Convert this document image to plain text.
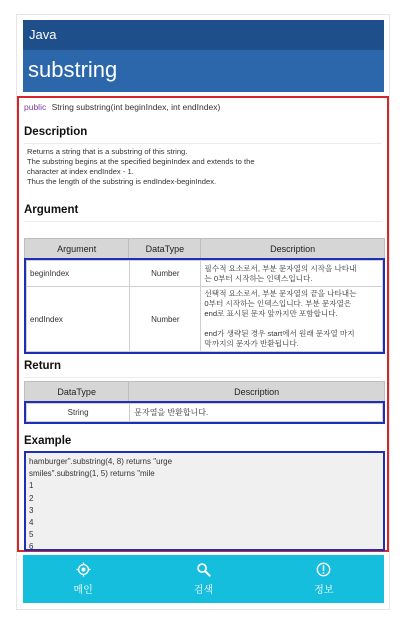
Java
substring
public String substring(int beginIndex, int endIndex)
Description
Returns a string that is a substring of this string.
The substring begins at the specified beginIndex and extends to the
character at index endIndex - 1.
Thus the length of the substring is endIndex-beginIndex.
Argument
Argument	DataType	Description
beginIndex	Number	필수적 요소로서, 부분 문자열의 시작을 나타내
는 0부터 시작하는 인덱스입니다.

endIndex	Number	선택적 요소로서, 부분 문자열의 끝을 나타내는
0부터 시작하는 인덱스입니다. 부분 문자열은
end로 표시된 문자 앞까지만 포함합니다.
end가 생략된 경우 start에서 원래 문자열 마지
막까지의 문자가 반환됩니다.
Return
DataType	Description
String	문자열을 반환합니다.
Example
hamburger".substring(4, 8) returns "urge
smiles".substring(1, 5) returns "mile
1
2
3
4
5
6
메인	검색	정보
